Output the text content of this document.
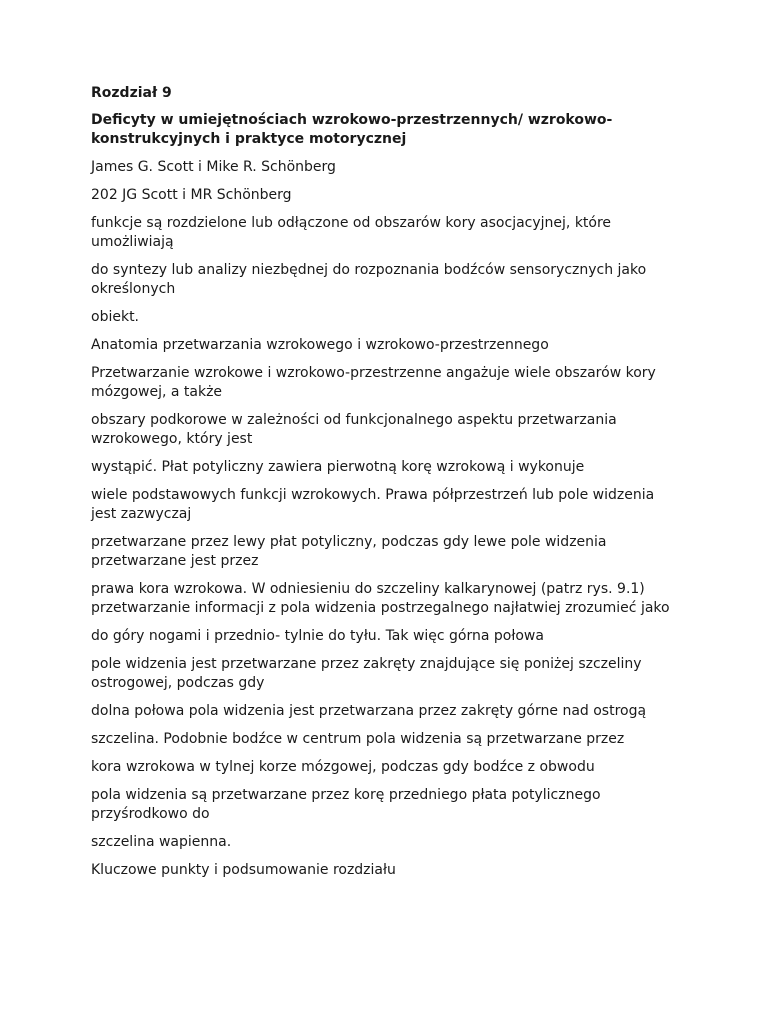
Rozdział 9

Deficyty w umiejętnościach wzrokowo-przestrzennych/ wzrokowo-konstrukcyjnych i praktyce motorycznej

James G. Scott i Mike R. Schönberg

202 JG Scott i MR Schönberg

funkcje są rozdzielone lub odłączone od obszarów kory asocjacyjnej, które umożliwiają

do syntezy lub analizy niezbędnej do rozpoznania bodźców sensorycznych jako określonych

obiekt.

Anatomia przetwarzania wzrokowego i wzrokowo-przestrzennego

Przetwarzanie wzrokowe i wzrokowo-przestrzenne angażuje wiele obszarów kory mózgowej, a także

obszary podkorowe w zależności od funkcjonalnego aspektu przetwarzania wzrokowego, który jest

wystąpić. Płat potyliczny zawiera pierwotną korę wzrokową i wykonuje

wiele podstawowych funkcji wzrokowych. Prawa półprzestrzeń lub pole widzenia jest zazwyczaj

przetwarzane przez lewy płat potyliczny, podczas gdy lewe pole widzenia przetwarzane jest przez

prawa kora wzrokowa. W odniesieniu do szczeliny kalkarynowej (patrz rys. 9.1) przetwarzanie informacji z pola widzenia postrzegalnego najłatwiej zrozumieć jako

do góry nogami i przednio- tylnie do tyłu. Tak więc górna połowa

pole widzenia jest przetwarzane przez zakręty znajdujące się poniżej szczeliny ostrogowej, podczas gdy

dolna połowa pola widzenia jest przetwarzana przez zakręty górne nad ostrogą

szczelina. Podobnie bodźce w centrum pola widzenia są przetwarzane przez

kora wzrokowa w tylnej korze mózgowej, podczas gdy bodźce z obwodu

pola widzenia są przetwarzane przez korę przedniego płata potylicznego przyśrodkowo do

szczelina wapienna.

Kluczowe punkty i podsumowanie rozdziału
